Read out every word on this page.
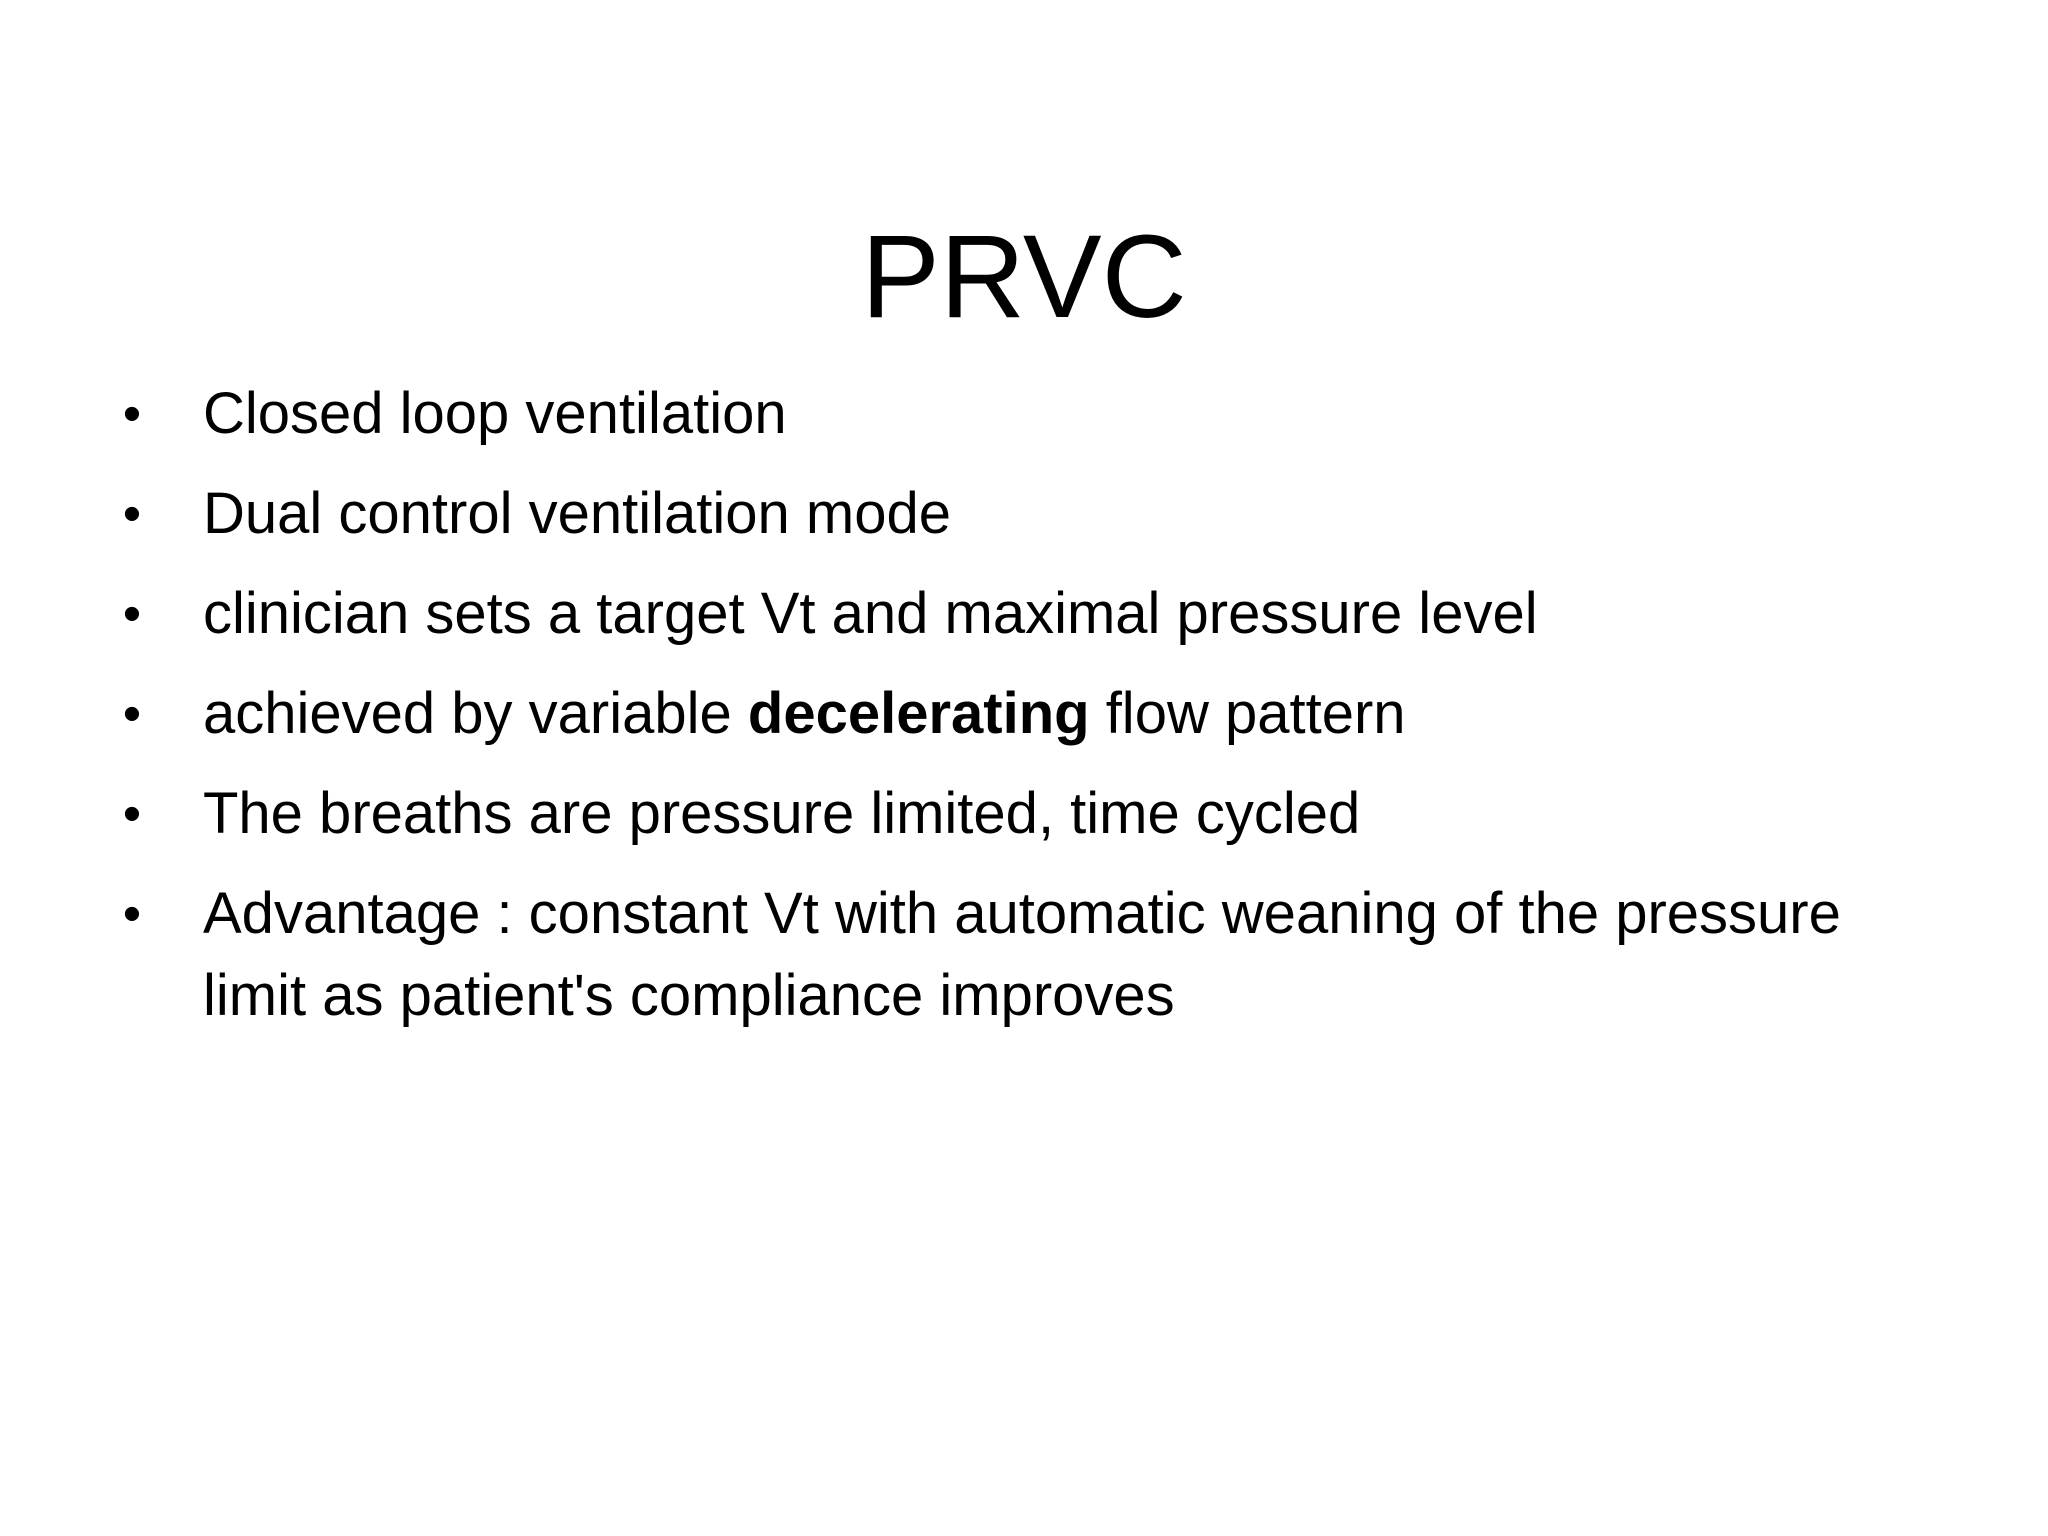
PRVC
• Closed loop ventilation
• Dual control ventilation mode
• clinician sets a target Vt and maximal pressure level
• achieved by variable decelerating flow pattern
• The breaths are pressure limited, time cycled
• Advantage : constant Vt with automatic weaning of the pressure limit as patient's compliance improves
